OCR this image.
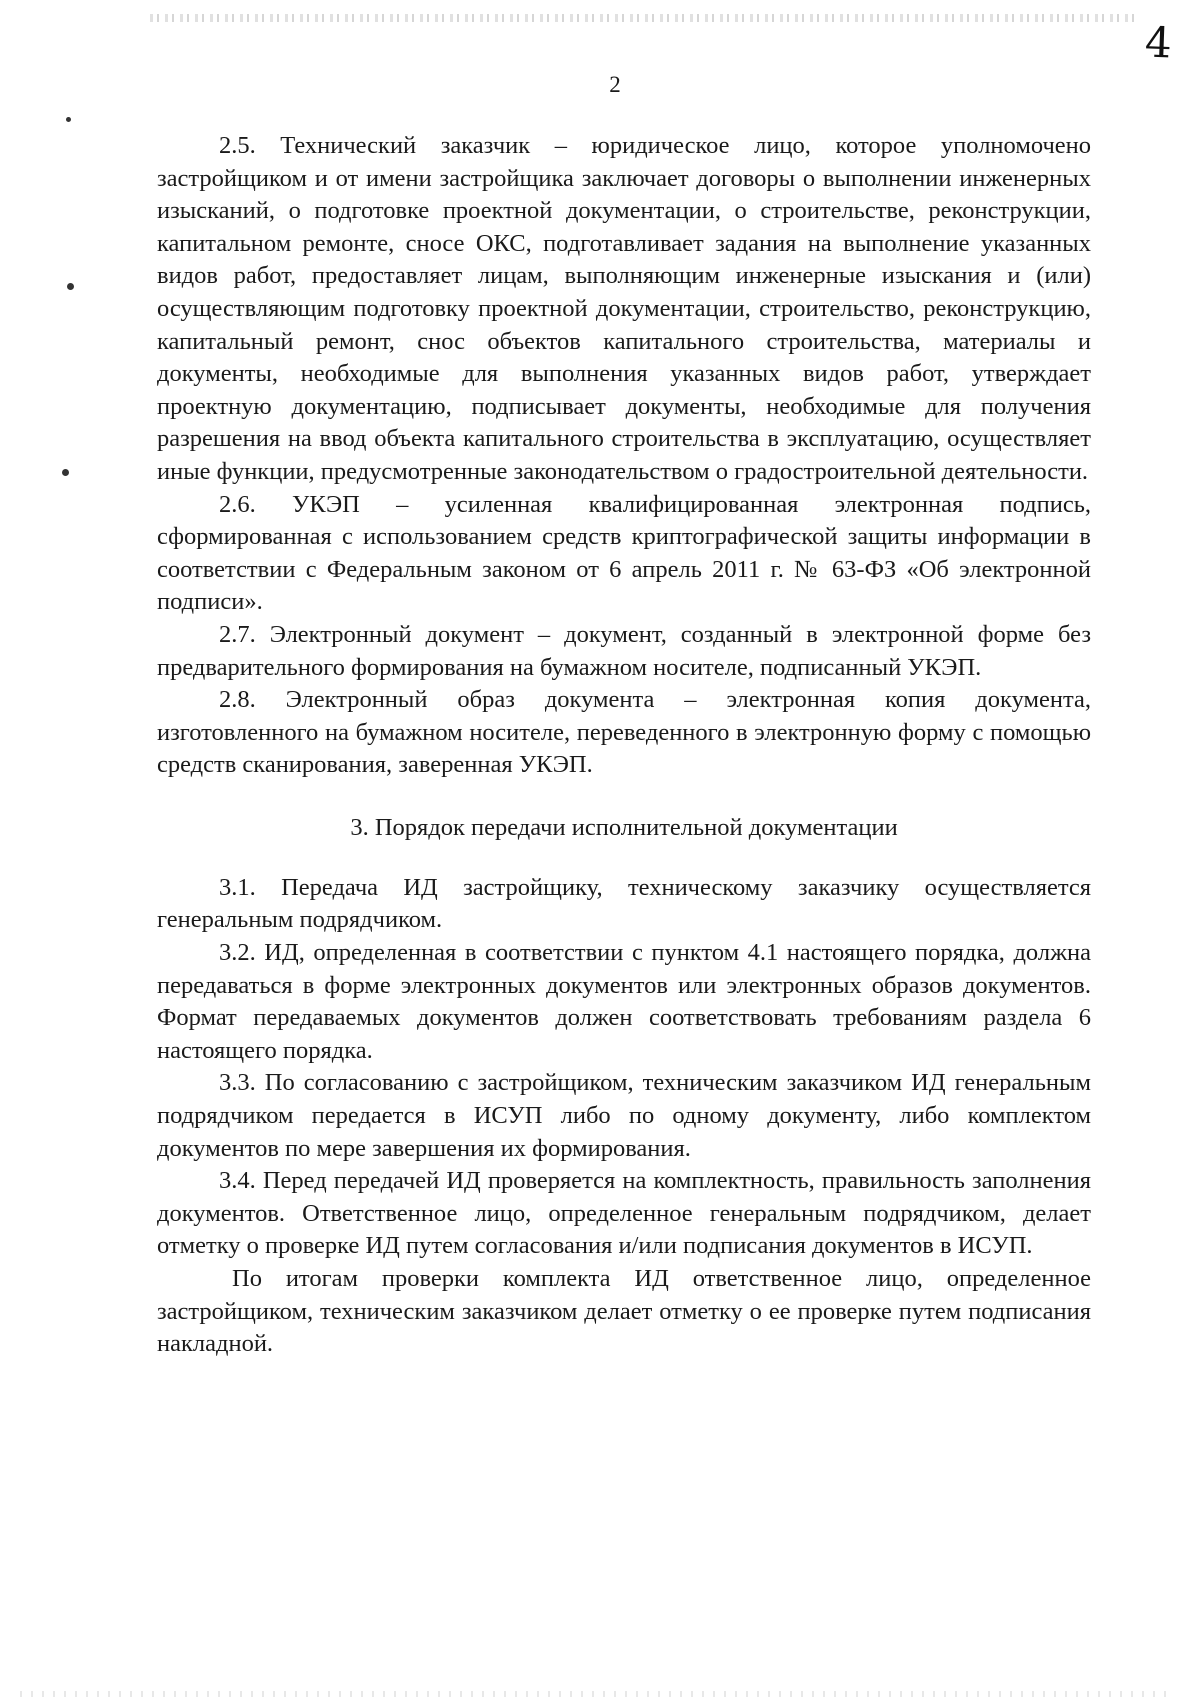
4
2

2.5. Технический заказчик – юридическое лицо, которое уполномочено застройщиком и от имени застройщика заключает договоры о выполнении инженерных изысканий, о подготовке проектной документации, о строительстве, реконструкции, капитальном ремонте, сносе ОКС, подготавливает задания на выполнение указанных видов работ, предоставляет лицам, выполняющим инженерные изыскания и (или) осуществляющим подготовку проектной документации, строительство, реконструкцию, капитальный ремонт, снос объектов капитального строительства, материалы и документы, необходимые для выполнения указанных видов работ, утверждает проектную документацию, подписывает документы, необходимые для получения разрешения на ввод объекта капитального строительства в эксплуатацию, осуществляет иные функции, предусмотренные законодательством о градостроительной деятельности.

2.6. УКЭП – усиленная квалифицированная электронная подпись, сформированная с использованием средств криптографической защиты информации в соответствии с Федеральным законом от 6 апрель 2011 г. № 63-ФЗ «Об электронной подписи».

2.7. Электронный документ – документ, созданный в электронной форме без предварительного формирования на бумажном носителе, подписанный УКЭП.

2.8. Электронный образ документа – электронная копия документа, изготовленного на бумажном носителе, переведенного в электронную форму с помощью средств сканирования, заверенная УКЭП.

3. Порядок передачи исполнительной документации

3.1. Передача ИД застройщику, техническому заказчику осуществляется генеральным подрядчиком.

3.2. ИД, определенная в соответствии с пунктом 4.1 настоящего порядка, должна передаваться в форме электронных документов или электронных образов документов. Формат передаваемых документов должен соответствовать требованиям раздела 6 настоящего порядка.

3.3. По согласованию с застройщиком, техническим заказчиком ИД генеральным подрядчиком передается в ИСУП либо по одному документу, либо комплектом документов по мере завершения их формирования.

3.4. Перед передачей ИД проверяется на комплектность, правильность заполнения документов. Ответственное лицо, определенное генеральным подрядчиком, делает отметку о проверке ИД путем согласования и/или подписания документов в ИСУП.

По итогам проверки комплекта ИД ответственное лицо, определенное застройщиком, техническим заказчиком делает отметку о ее проверке путем подписания накладной.
